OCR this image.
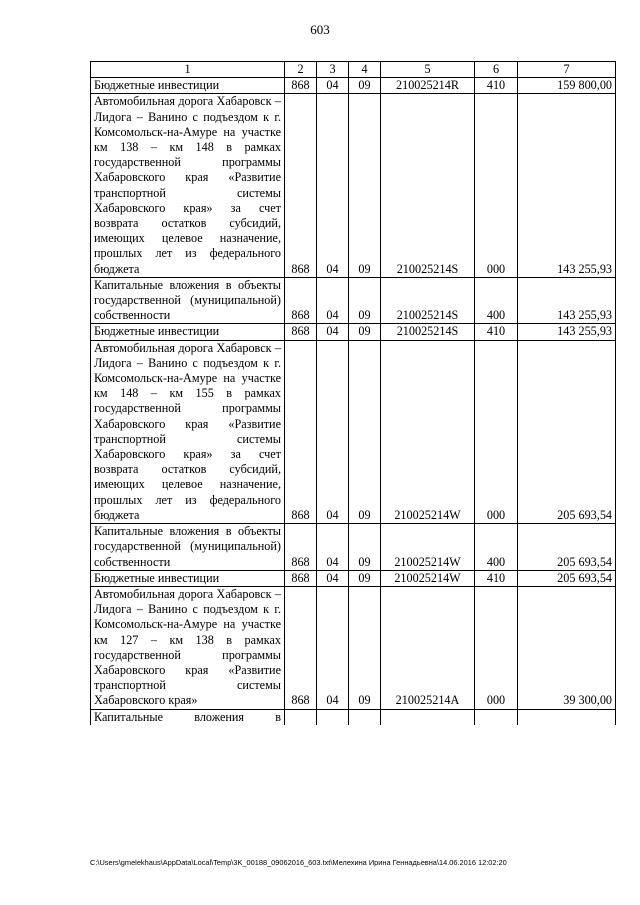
603
1	2	3	4	5	6	7
Бюджетные инвестиции	868	04	09	210025214R	410	159 800,00
Автомобильная дорога Хабаровск – Лидога – Ванино с подъездом к г. Комсомольск-на-Амуре на участке км 138 – км 148 в рамках государственной программы Хабаровского края «Развитие транспортной системы Хабаровского края» за счет возврата остатков субсидий, имеющих целевое назначение, прошлых лет из федерального бюджета	868	04	09	210025214S	000	143 255,93
Капитальные вложения в объекты государственной (муниципальной) собственности	868	04	09	210025214S	400	143 255,93
Бюджетные инвестиции	868	04	09	210025214S	410	143 255,93
Автомобильная дорога Хабаровск – Лидога – Ванино с подъездом к г. Комсомольск-на-Амуре на участке км 148 – км 155 в рамках государственной программы Хабаровского края «Развитие транспортной системы Хабаровского края» за счет возврата остатков субсидий, имеющих целевое назначение, прошлых лет из федерального бюджета	868	04	09	210025214W	000	205 693,54
Капитальные вложения в объекты государственной (муниципальной) собственности	868	04	09	210025214W	400	205 693,54
Бюджетные инвестиции	868	04	09	210025214W	410	205 693,54
Автомобильная дорога Хабаровск – Лидога – Ванино с подъездом к г. Комсомольск-на-Амуре на участке км 127 – км 138 в рамках государственной программы Хабаровского края «Развитие транспортной системы Хабаровского края»	868	04	09	210025214A	000	39 300,00
Капитальные вложения в						
C:\Users\gmelekhaus\AppData\Local\Temp\3K_00188_09062016_603.txt\Мелехина Ирина Геннадьевна\14.06.2016 12:02:20
